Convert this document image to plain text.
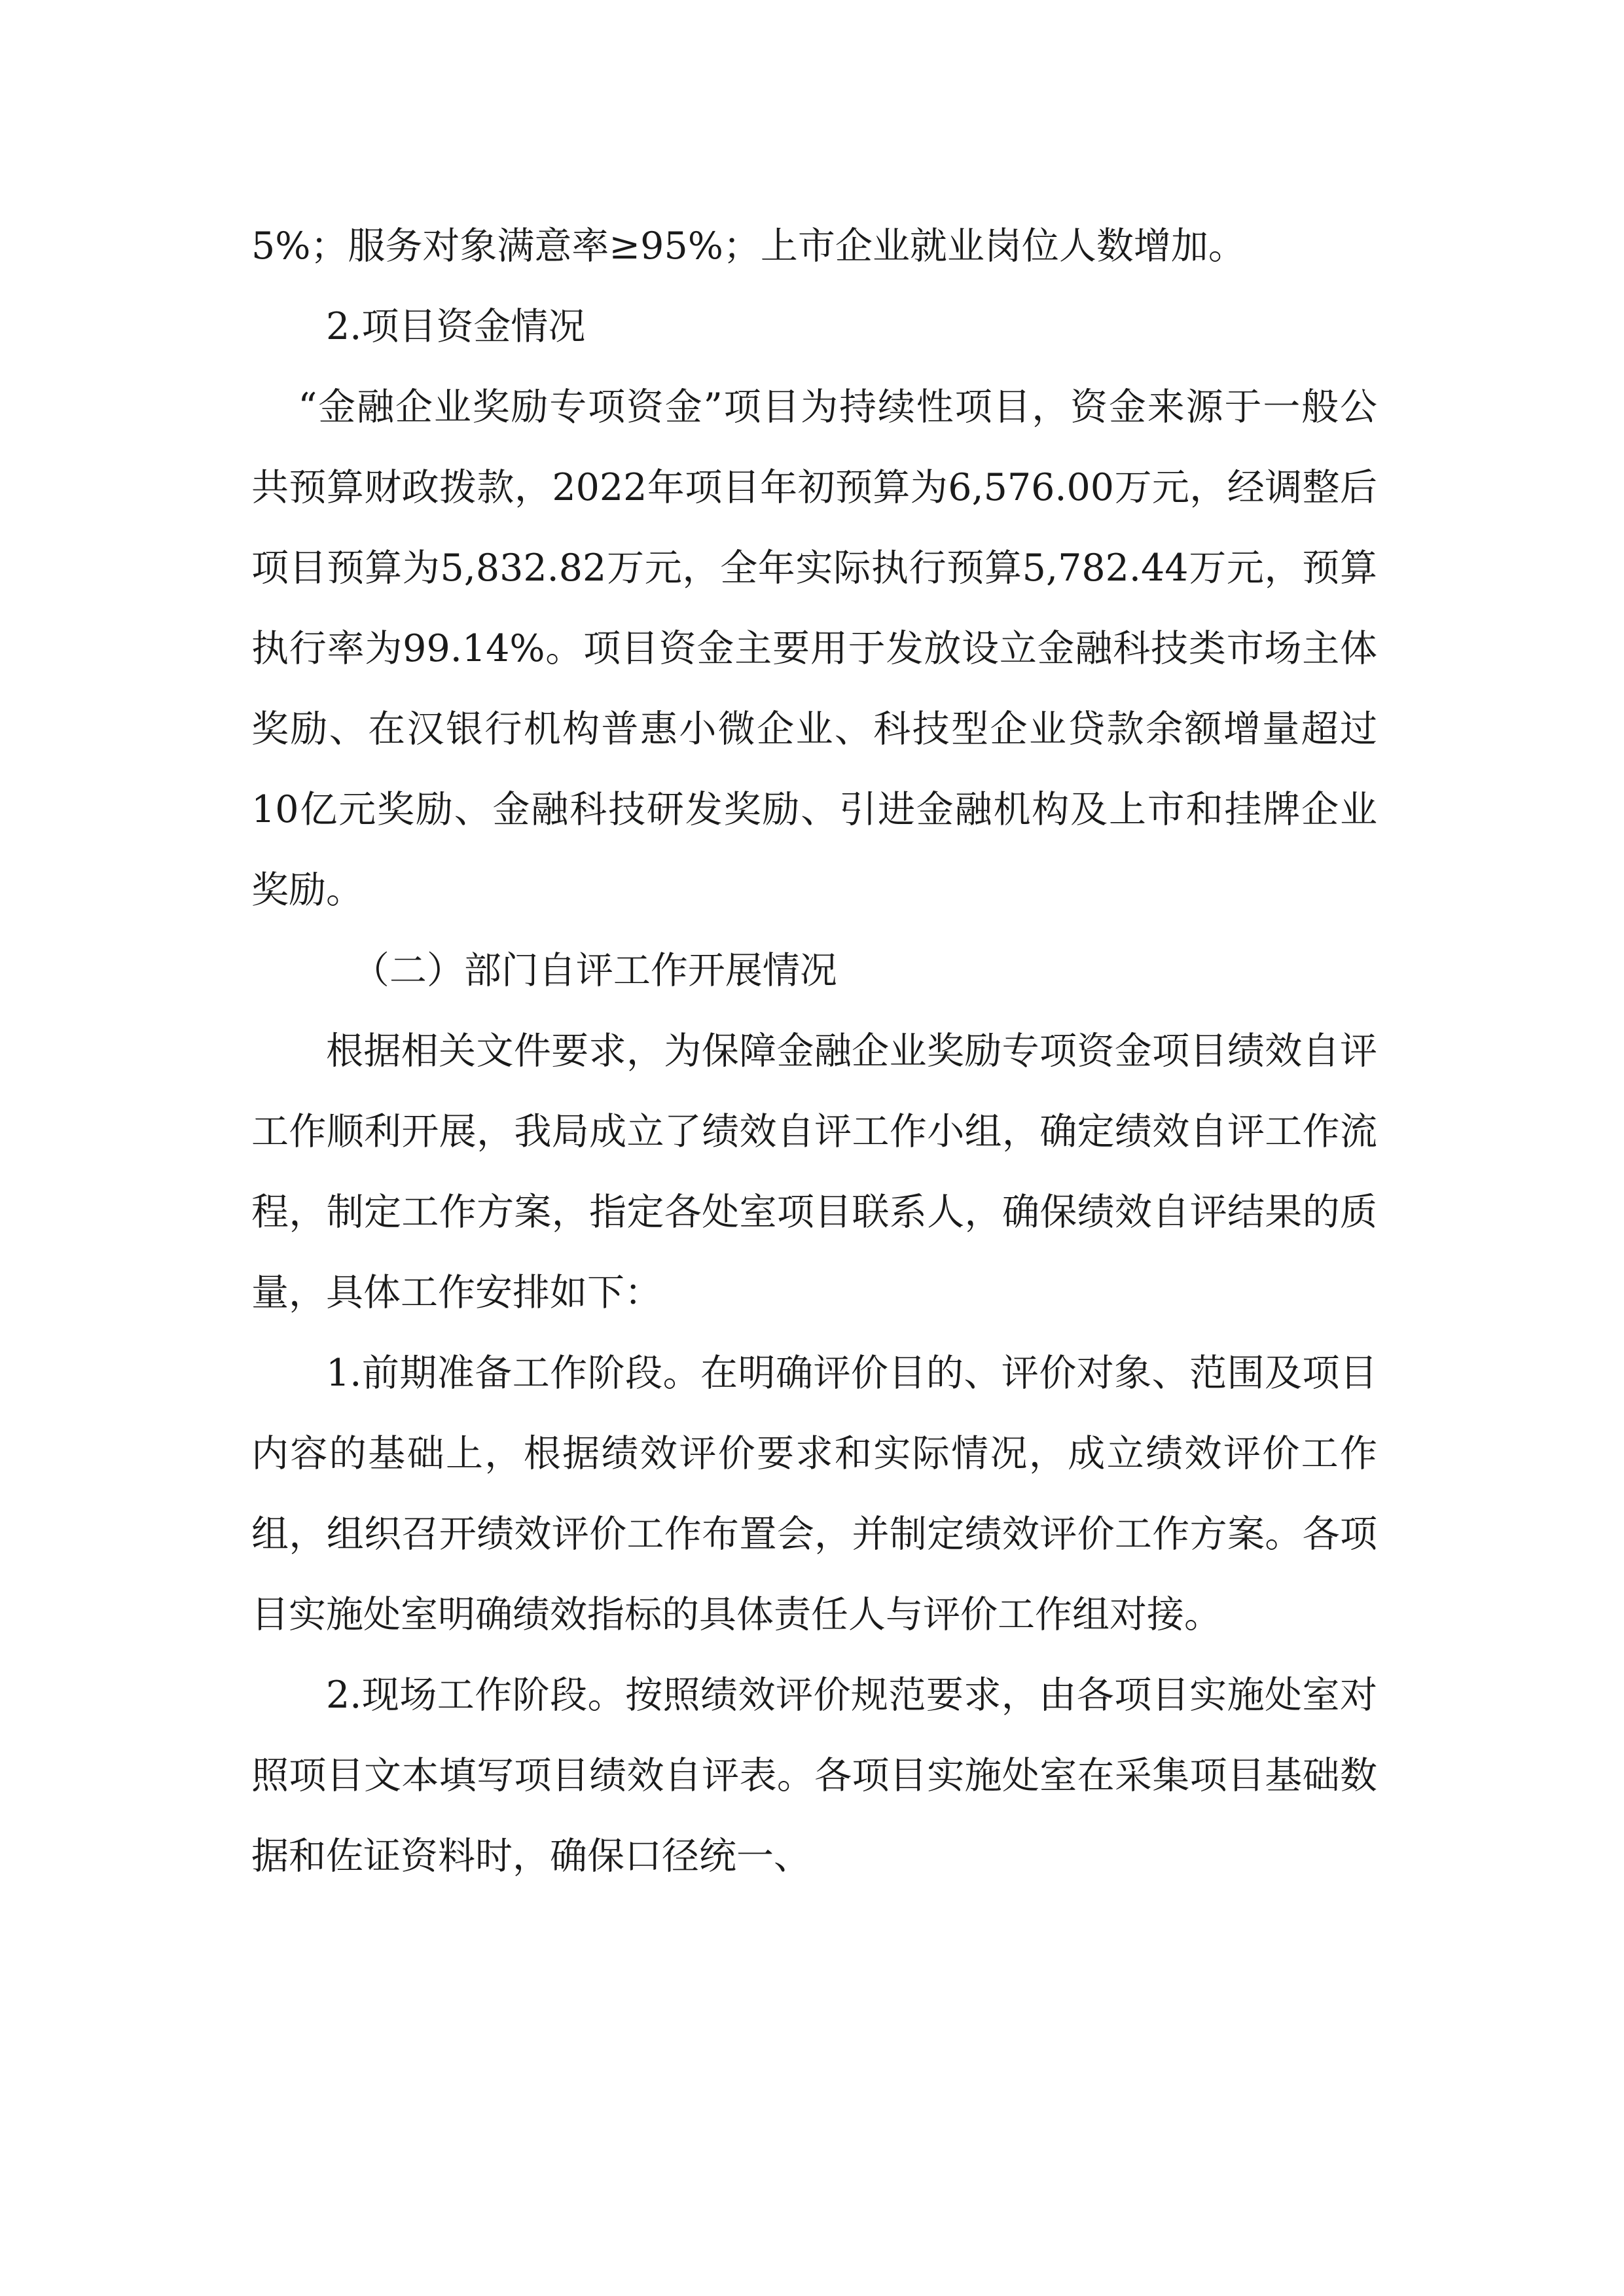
5%；服务对象满意率≥95%；上市企业就业岗位人数增加。

2.项目资金情况

“金融企业奖励专项资金”项目为持续性项目，资金来源于一般公共预算财政拨款，2022年项目年初预算为6,576.00万元，经调整后项目预算为5,832.82万元，全年实际执行预算5,782.44万元，预算执行率为99.14%。项目资金主要用于发放设立金融科技类市场主体奖励、在汉银行机构普惠小微企业、科技型企业贷款余额增量超过10亿元奖励、金融科技研发奖励、引进金融机构及上市和挂牌企业奖励。

（二）部门自评工作开展情况

根据相关文件要求，为保障金融企业奖励专项资金项目绩效自评工作顺利开展，我局成立了绩效自评工作小组，确定绩效自评工作流程，制定工作方案，指定各处室项目联系人，确保绩效自评结果的质量，具体工作安排如下：

1.前期准备工作阶段。在明确评价目的、评价对象、范围及项目内容的基础上，根据绩效评价要求和实际情况，成立绩效评价工作组，组织召开绩效评价工作布置会，并制定绩效评价工作方案。各项目实施处室明确绩效指标的具体责任人与评价工作组对接。

2.现场工作阶段。按照绩效评价规范要求，由各项目实施处室对照项目文本填写项目绩效自评表。各项目实施处室在采集项目基础数据和佐证资料时，确保口径统一、
